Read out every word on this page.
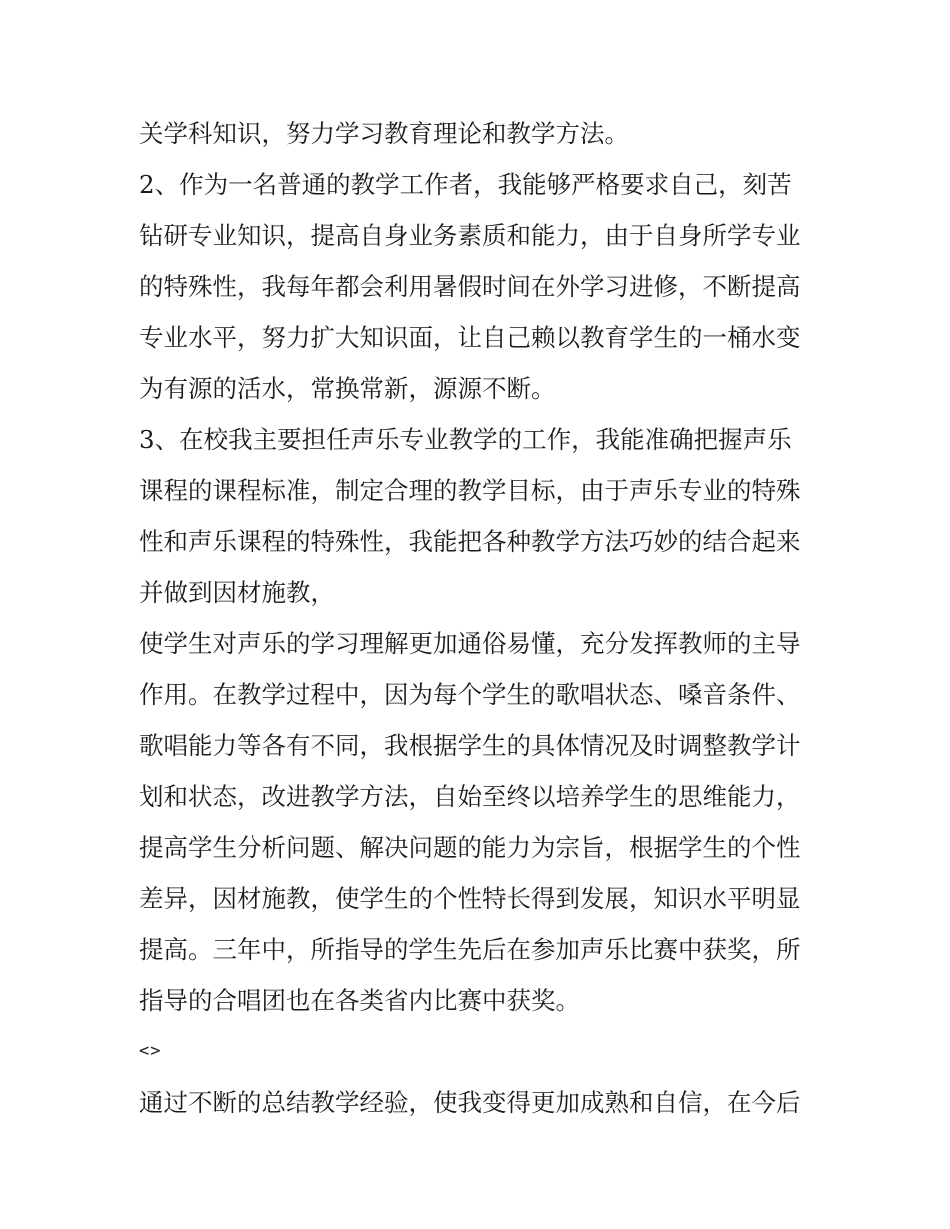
关学科知识，努力学习教育理论和教学方法。
2、作为一名普通的教学工作者，我能够严格要求自己，刻苦
钻研专业知识，提高自身业务素质和能力，由于自身所学专业
的特殊性，我每年都会利用暑假时间在外学习进修，不断提高
专业水平，努力扩大知识面，让自己赖以教育学生的一桶水变
为有源的活水，常换常新，源源不断。
3、在校我主要担任声乐专业教学的工作，我能准确把握声乐
课程的课程标准，制定合理的教学目标，由于声乐专业的特殊
性和声乐课程的特殊性，我能把各种教学方法巧妙的结合起来
并做到因材施教，
使学生对声乐的学习理解更加通俗易懂，充分发挥教师的主导
作用。在教学过程中，因为每个学生的歌唱状态、嗓音条件、
歌唱能力等各有不同，我根据学生的具体情况及时调整教学计
划和状态，改进教学方法，自始至终以培养学生的思维能力，
提高学生分析问题、解决问题的能力为宗旨，根据学生的个性
差异，因材施教，使学生的个性特长得到发展，知识水平明显
提高。三年中，所指导的学生先后在参加声乐比赛中获奖，所
指导的合唱团也在各类省内比赛中获奖。
<>
通过不断的总结教学经验，使我变得更加成熟和自信，在今后
